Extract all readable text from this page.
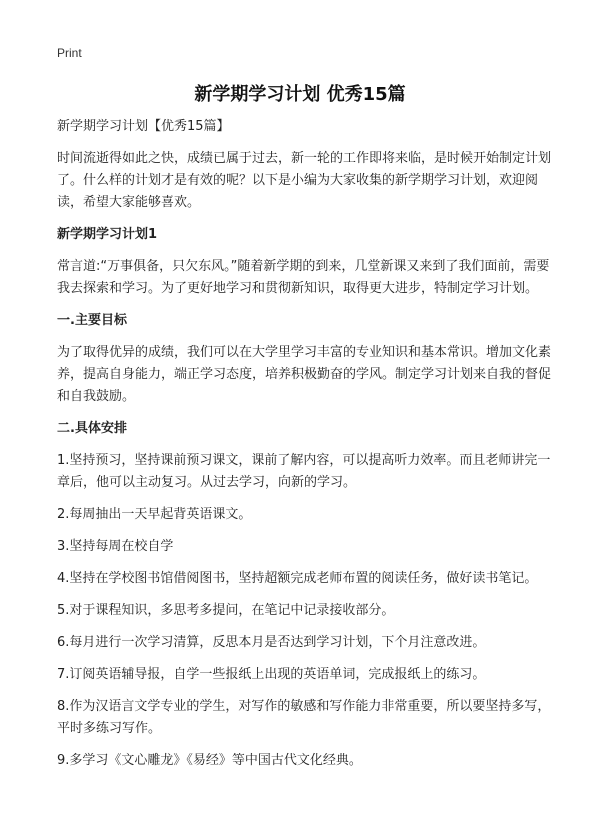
Print
新学期学习计划 优秀15篇

新学期学习计划【优秀15篇】

时间流逝得如此之快，成绩已属于过去，新一轮的工作即将来临，是时候开始制定计划了。什么样的计划才是有效的呢？以下是小编为大家收集的新学期学习计划，欢迎阅读，希望大家能够喜欢。

新学期学习计划1

常言道:“万事俱备，只欠东风。”随着新学期的到来，几堂新课又来到了我们面前，需要我去探索和学习。为了更好地学习和贯彻新知识，取得更大进步，特制定学习计划。

一.主要目标

为了取得优异的成绩，我们可以在大学里学习丰富的专业知识和基本常识。增加文化素养，提高自身能力，端正学习态度，培养积极勤奋的学风。制定学习计划来自我的督促和自我鼓励。

二.具体安排

1.坚持预习，坚持课前预习课文，课前了解内容，可以提高听力效率。而且老师讲完一章后，他可以主动复习。从过去学习，向新的学习。

2.每周抽出一天早起背英语课文。

3.坚持每周在校自学

4.坚持在学校图书馆借阅图书，坚持超额完成老师布置的阅读任务，做好读书笔记。

5.对于课程知识，多思考多提问，在笔记中记录接收部分。

6.每月进行一次学习清算，反思本月是否达到学习计划，下个月注意改进。

7.订阅英语辅导报，自学一些报纸上出现的英语单词，完成报纸上的练习。

8.作为汉语言文学专业的学生，对写作的敏感和写作能力非常重要，所以要坚持多写，平时多练习写作。

9.多学习《文心雕龙》《易经》等中国古代文化经典。
